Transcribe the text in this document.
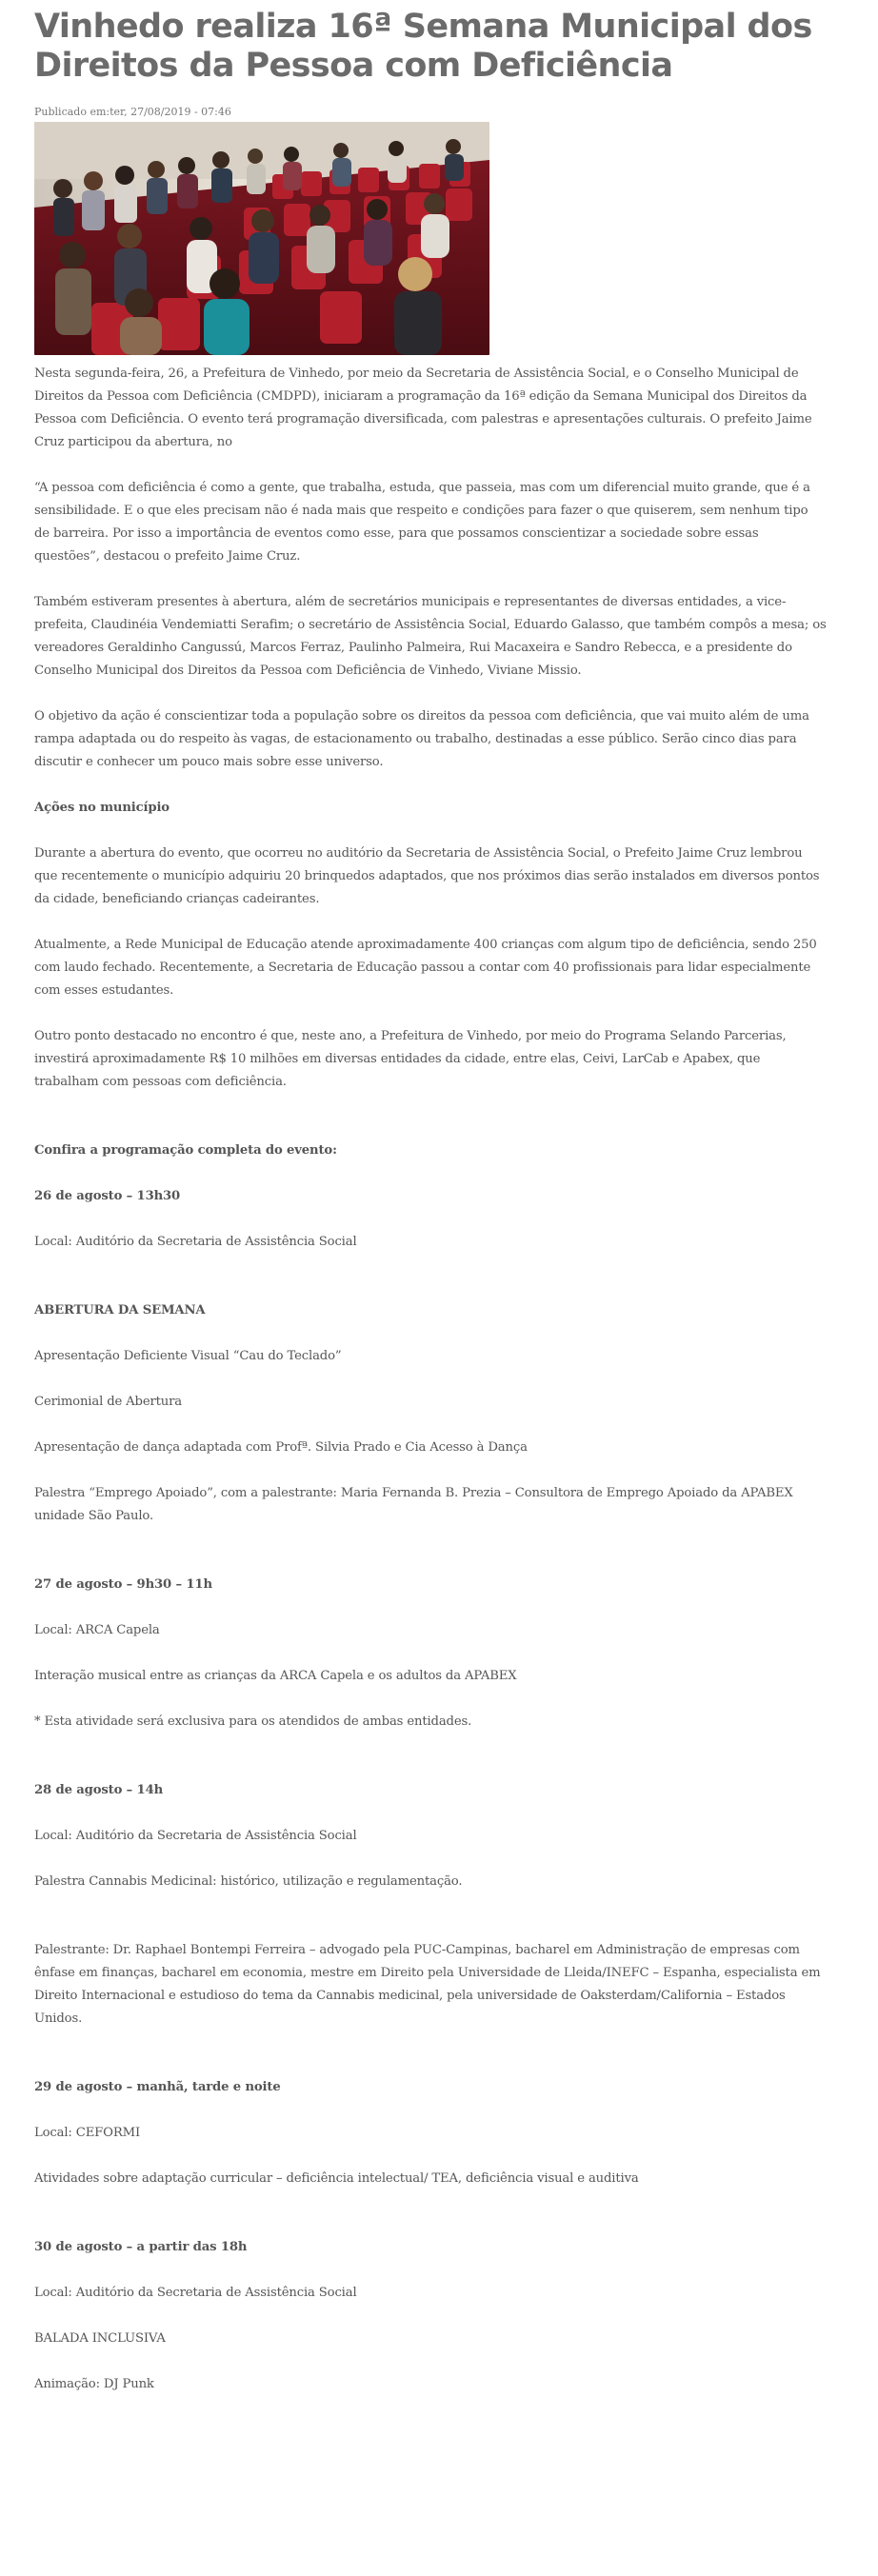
Vinhedo realiza 16ª Semana Municipal dos Direitos da Pessoa com Deficiência
Publicado em:ter, 27/08/2019 - 07:46

Nesta segunda-feira, 26, a Prefeitura de Vinhedo, por meio da Secretaria de Assistência Social, e o Conselho Municipal de Direitos da Pessoa com Deficiência (CMDPD), iniciaram a programação da 16ª edição da Semana Municipal dos Direitos da Pessoa com Deficiência. O evento terá programação diversificada, com palestras e apresentações culturais. O prefeito Jaime Cruz participou da abertura, no

“A pessoa com deficiência é como a gente, que trabalha, estuda, que passeia, mas com um diferencial muito grande, que é a sensibilidade. E o que eles precisam não é nada mais que respeito e condições para fazer o que quiserem, sem nenhum tipo de barreira. Por isso a importância de eventos como esse, para que possamos conscientizar a sociedade sobre essas questões”, destacou o prefeito Jaime Cruz.

Também estiveram presentes à abertura, além de secretários municipais e representantes de diversas entidades, a vice-prefeita, Claudinéia Vendemiatti Serafim; o secretário de Assistência Social, Eduardo Galasso, que também compôs a mesa; os vereadores Geraldinho Cangussú, Marcos Ferraz, Paulinho Palmeira, Rui Macaxeira e Sandro Rebecca, e a presidente do Conselho Municipal dos Direitos da Pessoa com Deficiência de Vinhedo, Viviane Missio.

O objetivo da ação é conscientizar toda a população sobre os direitos da pessoa com deficiência, que vai muito além de uma rampa adaptada ou do respeito às vagas, de estacionamento ou trabalho, destinadas a esse público. Serão cinco dias para discutir e conhecer um pouco mais sobre esse universo.

Ações no município

Durante a abertura do evento, que ocorreu no auditório da Secretaria de Assistência Social, o Prefeito Jaime Cruz lembrou que recentemente o município adquiriu 20 brinquedos adaptados, que nos próximos dias serão instalados em diversos pontos da cidade, beneficiando crianças cadeirantes.

Atualmente, a Rede Municipal de Educação atende aproximadamente 400 crianças com algum tipo de deficiência, sendo 250 com laudo fechado. Recentemente, a Secretaria de Educação passou a contar com 40 profissionais para lidar especialmente com esses estudantes.

Outro ponto destacado no encontro é que, neste ano, a Prefeitura de Vinhedo, por meio do Programa Selando Parcerias, investirá aproximadamente R$ 10 milhões em diversas entidades da cidade, entre elas, Ceivi, LarCab e Apabex, que trabalham com pessoas com deficiência.

Confira a programação completa do evento:

26 de agosto – 13h30

Local: Auditório da Secretaria de Assistência Social

ABERTURA DA SEMANA

Apresentação Deficiente Visual “Cau do Teclado”

Cerimonial de Abertura

Apresentação de dança adaptada com Profª. Silvia Prado e Cia Acesso à Dança

Palestra “Emprego Apoiado”, com a palestrante: Maria Fernanda B. Prezia – Consultora de Emprego Apoiado da APABEX unidade São Paulo.

27 de agosto – 9h30 – 11h

Local: ARCA Capela

Interação musical entre as crianças da ARCA Capela e os adultos da APABEX

* Esta atividade será exclusiva para os atendidos de ambas entidades.

28 de agosto – 14h

Local: Auditório da Secretaria de Assistência Social

Palestra Cannabis Medicinal: histórico, utilização e regulamentação.

Palestrante: Dr. Raphael Bontempi Ferreira – advogado pela PUC-Campinas, bacharel em Administração de empresas com ênfase em finanças, bacharel em economia, mestre em Direito pela Universidade de Lleida/INEFC – Espanha, especialista em Direito Internacional e estudioso do tema da Cannabis medicinal, pela universidade de Oaksterdam/California – Estados Unidos.

29 de agosto – manhã, tarde e noite

Local: CEFORMI

Atividades sobre adaptação curricular – deficiência intelectual/ TEA, deficiência visual e auditiva

30 de agosto – a partir das 18h

Local: Auditório da Secretaria de Assistência Social

BALADA INCLUSIVA

Animação: DJ Punk
